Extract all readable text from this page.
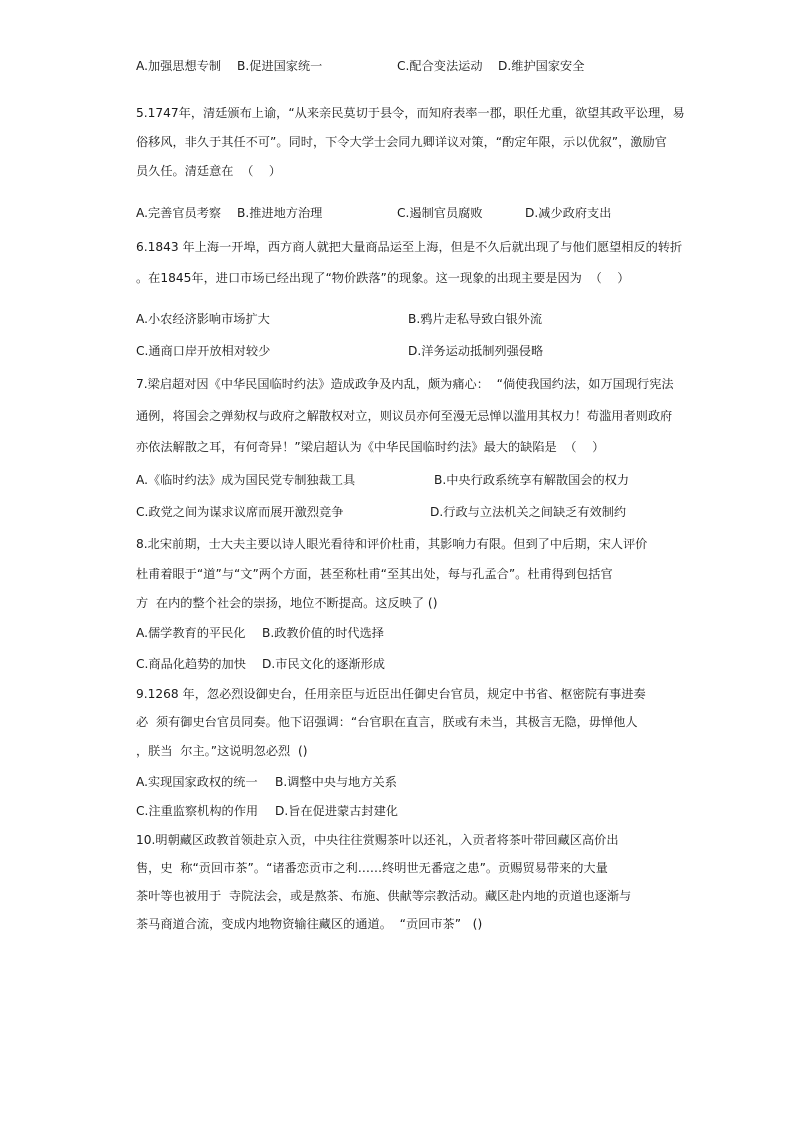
A.加强思想专制 B.促进国家统一	C.配合变法运动 D.维护国家安全
5.1747年，清廷颁布上谕，“从来亲民莫切于县令，而知府表率一郡，职任尤重，欲望其政平讼理，易
俗移风，非久于其任不可”。同时，下令大学士会同九卿详议对策，“酌定年限，示以优叙”，激励官
员久任。清廷意在  （    ）
A.完善官员考察 B.推进地方治理	C.遏制官员腐败	D.减少政府支出
6.1843 年上海一开埠，西方商人就把大量商品运至上海，但是不久后就出现了与他们愿望相反的转折
。在1845年，进口市场已经出现了“物价跌落”的现象。这一现象的出现主要是因为  （    ）
A.小农经济影响市场扩大	B.鸦片走私导致白银外流
C.通商口岸开放相对较少	D.洋务运动抵制列强侵略
7.梁启超对因《中华民国临时约法》造成政争及内乱，颇为痛心：  “倘使我国约法，如万国现行宪法
通例，将国会之弹劾权与政府之解散权对立，则议员亦何至漫无忌惮以滥用其权力！苟滥用者则政府
亦依法解散之耳，有何奇异！”梁启超认为《中华民国临时约法》最大的缺陷是  （    ）
A.《临时约法》成为国民党专制独裁工具	B.中央行政系统享有解散国会的权力
C.政党之间为谋求议席而展开激烈竞争	D.行政与立法机关之间缺乏有效制约
8.北宋前期，士大夫主要以诗人眼光看待和评价杜甫，其影响力有限。但到了中后期，宋人评价
杜甫着眼于“道”与“文”两个方面，甚至称杜甫“至其出处，每与孔孟合”。杜甫得到包括官
方  在内的整个社会的崇扬，地位不断提高。这反映了 ()
A.儒学教育的平民化 B.政教价值的时代选择
C.商品化趋势的加快 D.市民文化的逐渐形成
9.1268 年，忽必烈设御史台，任用亲臣与近臣出任御史台官员，规定中书省、枢密院有事进奏
必  须有御史台官员同奏。他下诏强调：“台官职在直言，朕或有未当，其极言无隐，毋惮他人
，朕当  尔主。”这说明忽必烈  ()
A.实现国家政权的统一 B.调整中央与地方关系
C.注重监察机构的作用 D.旨在促进蒙古封建化
10.明朝藏区政教首领赴京入贡，中央往往赏赐茶叶以还礼，入贡者将茶叶带回藏区高价出
售，史  称“贡回市茶”。“诸番恋贡市之利……终明世无番寇之患”。贡赐贸易带来的大量
茶叶等也被用于  寺院法会，或是熬茶、布施、供献等宗教活动。藏区赴内地的贡道也逐渐与
茶马商道合流，变成内地物资输往藏区的通道。  “贡回市茶”   ()
